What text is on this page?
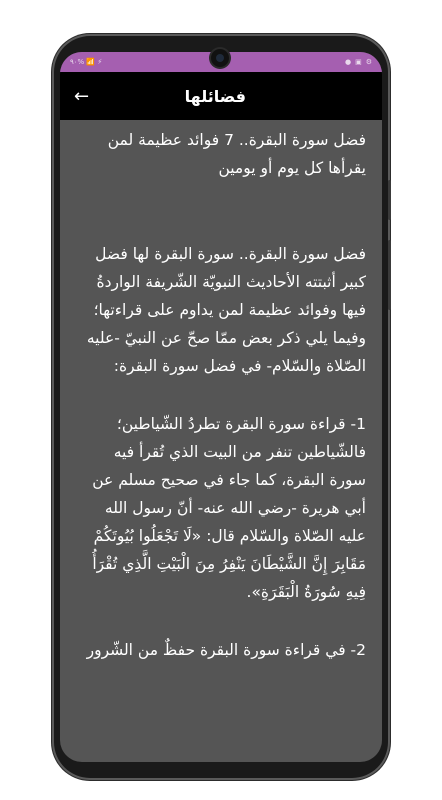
۹۰% 📶 ⚡	● ▣ ⚙
←	فضائلها

فضل سورة البقرة.. 7 فوائد عظيمة لمن يقرأها كل يوم أو يومين

فضل سورة البقرة.. سورة البقرة لها فضل كبير أثبتته الأحاديث النبويّة الشّريفة الواردةُ فيها وفوائد عظيمة لمن يداوم على قراءتها؛ وفيما يلي ذكر بعض ممّا صحّ عن النبيّ -عليه الصّلاة والسّلام- في فضل سورة البقرة:

1- قراءة سورة البقرة تطردُ الشّياطين؛ فالشّياطين تنفر من البيت الذي تُقرأ فيه سورة البقرة، كما جاء في صحيح مسلم عن أبي هريرة -رضي الله عنه- أنّ رسول الله عليه الصّلاة والسّلام قال: «لَا تَجْعَلُوا بُيُوتَكُمْ مَقَابِرَ إِنَّ الشَّيْطَانَ يَنْفِرُ مِنَ الْبَيْتِ الَّذِي تُقْرَأُ فِيهِ سُورَةُ الْبَقَرَةِ».

2- في قراءة سورة البقرة حفظٌ من الشّرور
